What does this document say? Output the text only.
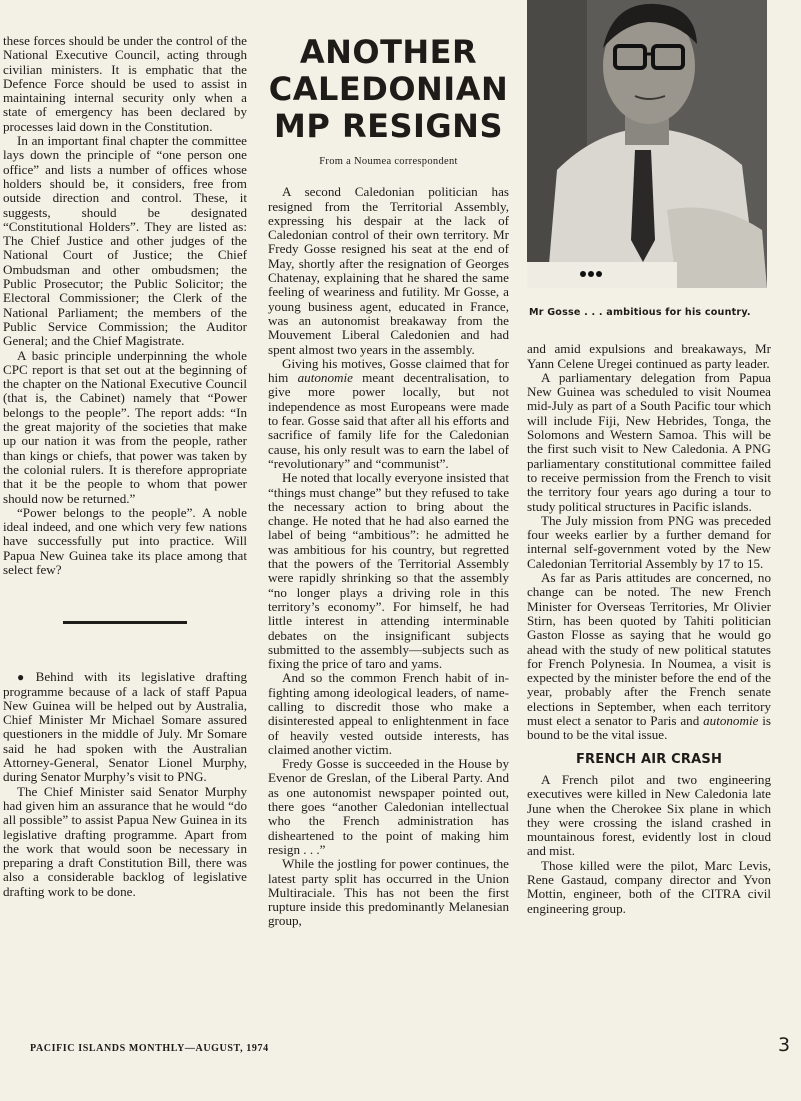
these forces should be under the control of the National Executive Council, acting through civilian ministers. It is emphatic that the Defence Force should be used to assist in maintaining internal security only when a state of emergency has been declared by processes laid down in the Constitution.

In an important final chapter the committee lays down the principle of “one person one office” and lists a number of offices whose holders should be, it considers, free from outside direction and control. These, it suggests, should be designated “Constitutional Holders”. They are listed as: The Chief Justice and other judges of the National Court of Justice; the Chief Ombudsman and other ombudsmen; the Public Prosecutor; the Public Solicitor; the Electoral Commissioner; the Clerk of the National Parliament; the members of the Public Service Commission; the Auditor General; and the Chief Magistrate.

A basic principle underpinning the whole CPC report is that set out at the beginning of the chapter on the National Executive Council (that is, the Cabinet) namely that “Power belongs to the people”. The report adds: “In the great majority of the societies that make up our nation it was from the people, rather than kings or chiefs, that power was taken by the colonial rulers. It is therefore appropriate that it be the people to whom that power should now be returned.”

“Power belongs to the people”. A noble ideal indeed, and one which very few nations have successfully put into practice. Will Papua New Guinea take its place among that select few?

● Behind with its legislative drafting programme because of a lack of staff Papua New Guinea will be helped out by Australia, Chief Minister Mr Michael Somare assured questioners in the middle of July. Mr Somare said he had spoken with the Australian Attorney-General, Senator Lionel Murphy, during Senator Murphy’s visit to PNG.

The Chief Minister said Senator Murphy had given him an assurance that he would “do all possible” to assist Papua New Guinea in its legislative drafting programme. Apart from the work that would soon be necessary in preparing a draft Constitution Bill, there was also a considerable backlog of legislative drafting work to be done.

ANOTHER
CALEDONIAN
MP RESIGNS
From a Noumea correspondent

A second Caledonian politician has resigned from the Territorial Assembly, expressing his despair at the lack of Caledonian control of their own territory. Mr Fredy Gosse resigned his seat at the end of May, shortly after the resignation of Georges Chatenay, explaining that he shared the same feeling of weariness and futility. Mr Gosse, a young business agent, educated in France, was an autonomist breakaway from the Mouvement Liberal Caledonien and had spent almost two years in the assembly.

Giving his motives, Gosse claimed that for him autonomie meant decentralisation, to give more power locally, but not independence as most Europeans were made to fear. Gosse said that after all his efforts and sacrifice of family life for the Caledonian cause, his only result was to earn the label of “revolutionary” and “communist”.

He noted that locally everyone insisted that “things must change” but they refused to take the necessary action to bring about the change. He noted that he had also earned the label of being “ambitious”: he admitted he was ambitious for his country, but regretted that the powers of the Territorial Assembly were rapidly shrinking so that the assembly “no longer plays a driving role in this territory’s economy”. For himself, he had little interest in attending interminable debates on the insignificant subjects submitted to the assembly—subjects such as fixing the price of taro and yams.

And so the common French habit of in-fighting among ideological leaders, of name-calling to discredit those who make a disinterested appeal to enlightenment in face of heavily vested outside interests, has claimed another victim.

Fredy Gosse is succeeded in the House by Evenor de Greslan, of the Liberal Party. And as one autonomist newspaper pointed out, there goes “another Caledonian intellectual who the French administration has disheartened to the point of making him resign . . .”

While the jostling for power continues, the latest party split has occurred in the Union Multiraciale. This has not been the first rupture inside this predominantly Melanesian group,

Mr Gosse . . . ambitious for his country.

and amid expulsions and breakaways, Mr Yann Celene Uregei continued as party leader.

A parliamentary delegation from Papua New Guinea was scheduled to visit Noumea mid-July as part of a South Pacific tour which will include Fiji, New Hebrides, Tonga, the Solomons and Western Samoa. This will be the first such visit to New Caledonia. A PNG parliamentary constitutional committee failed to receive permission from the French to visit the territory four years ago during a tour to study political structures in Pacific islands.

The July mission from PNG was preceded four weeks earlier by a further demand for internal self-government voted by the New Caledonian Territorial Assembly by 17 to 15.

As far as Paris attitudes are concerned, no change can be noted. The new French Minister for Overseas Territories, Mr Olivier Stirn, has been quoted by Tahiti politician Gaston Flosse as saying that he would go ahead with the study of new political statutes for French Polynesia. In Noumea, a visit is expected by the minister before the end of the year, probably after the French senate elections in September, when each territory must elect a senator to Paris and autonomie is bound to be the vital issue.

FRENCH AIR CRASH

A French pilot and two engineering executives were killed in New Caledonia late June when the Cherokee Six plane in which they were crossing the island crashed in mountainous forest, evidently lost in cloud and mist.

Those killed were the pilot, Marc Levis, Rene Gastaud, company director and Yvon Mottin, engineer, both of the CITRA civil engineering group.

PACIFIC ISLANDS MONTHLY—AUGUST, 1974	3
